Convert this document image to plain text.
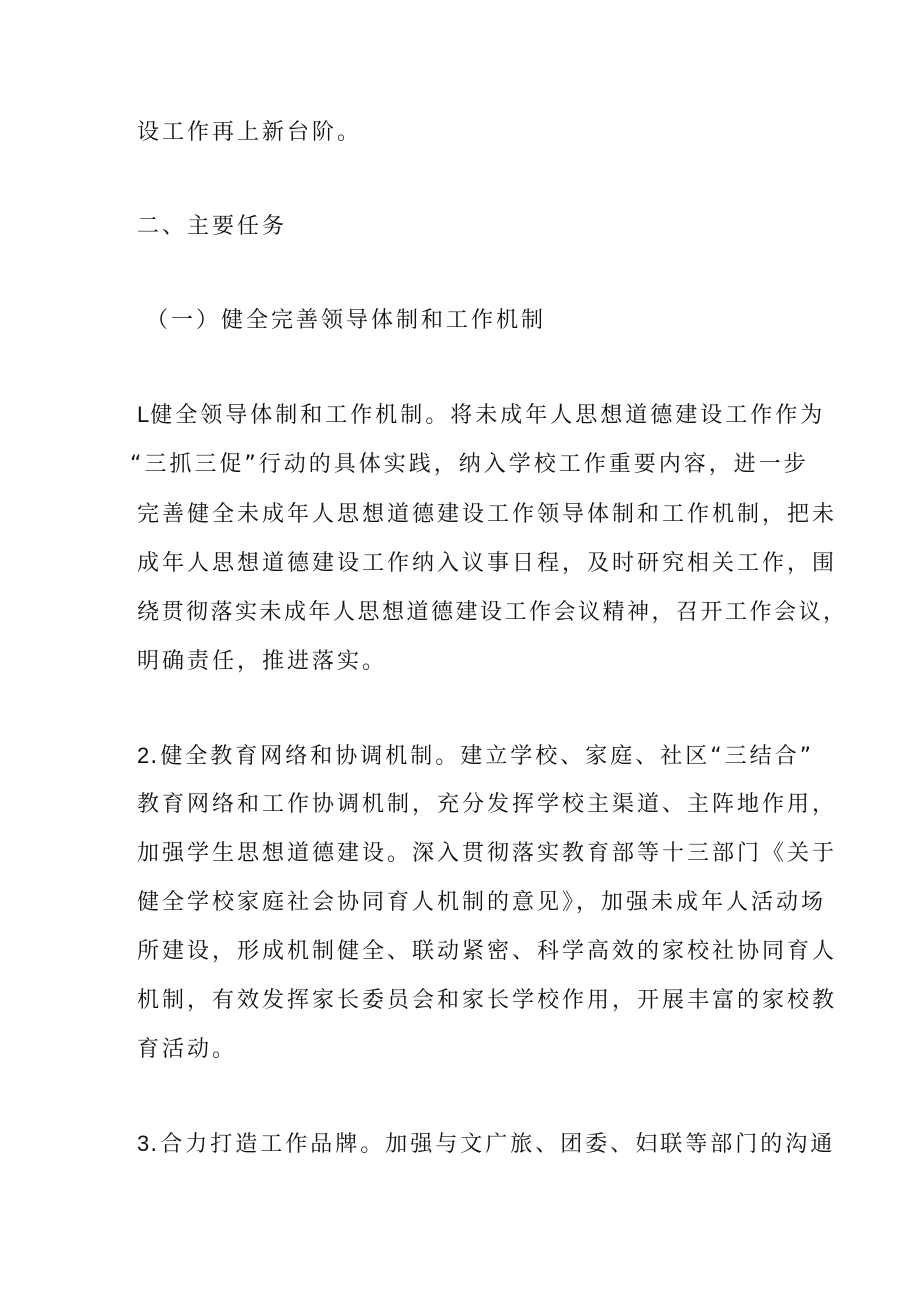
设工作再上新台阶。
二、主要任务
（一）健全完善领导体制和工作机制
L健全领导体制和工作机制。将未成年人思想道德建设工作作为
“三抓三促”行动的具体实践，纳入学校工作重要内容，进一步
完善健全未成年人思想道德建设工作领导体制和工作机制，把未
成年人思想道德建设工作纳入议事日程，及时研究相关工作，围
绕贯彻落实未成年人思想道德建设工作会议精神，召开工作会议，
明确责任，推进落实。
2.健全教育网络和协调机制。建立学校、家庭、社区“三结合”
教育网络和工作协调机制，充分发挥学校主渠道、主阵地作用，
加强学生思想道德建设。深入贯彻落实教育部等十三部门《关于
健全学校家庭社会协同育人机制的意见》，加强未成年人活动场
所建设，形成机制健全、联动紧密、科学高效的家校社协同育人
机制，有效发挥家长委员会和家长学校作用，开展丰富的家校教
育活动。
3.合力打造工作品牌。加强与文广旅、团委、妇联等部门的沟通
